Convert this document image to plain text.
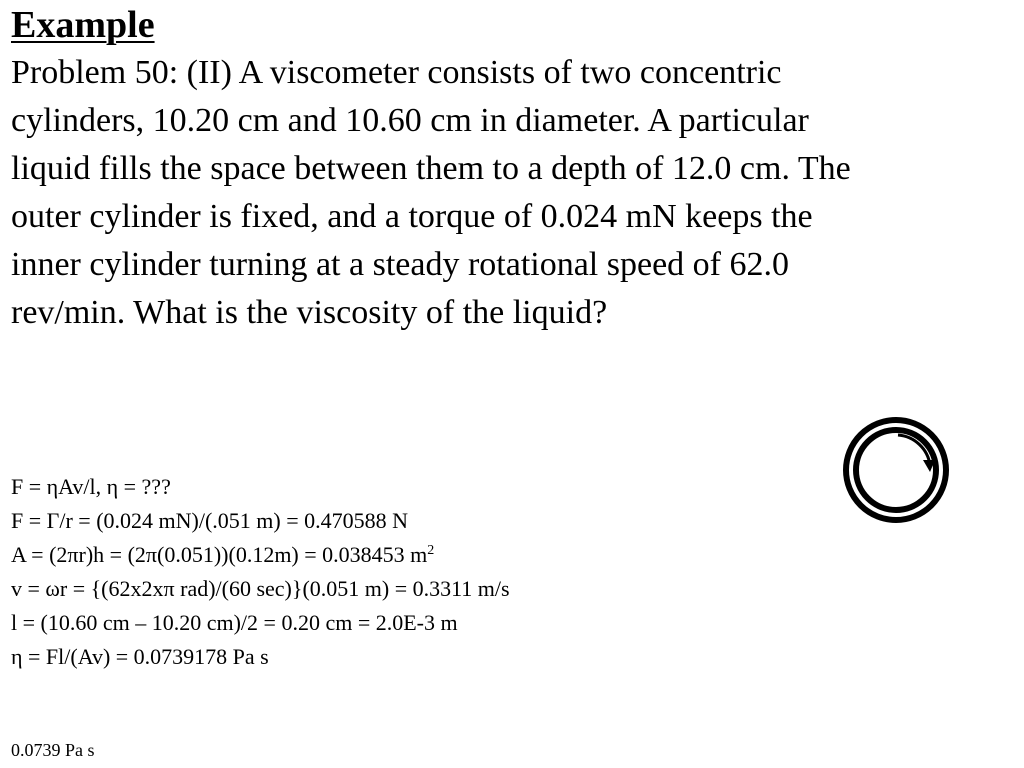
Example
Problem 50: (II) A viscometer consists of two concentric
cylinders, 10.20 cm and 10.60 cm in diameter. A particular
liquid fills the space between them to a depth of 12.0 cm. The
outer cylinder is fixed, and a torque of 0.024 mN keeps the
inner cylinder turning at a steady rotational speed of 62.0
rev/min. What is the viscosity of the liquid?
F = ηAv/l, η = ???
F = Γ/r = (0.024 mN)/(.051 m) = 0.470588 N
A = (2πr)h = (2π(0.051))(0.12m) = 0.038453 $m^2$
v = ωr = {(62x2xπ rad)/(60 sec)}(0.051 m) = 0.3311 m/s
l = (10.60 cm – 10.20 cm)/2 = 0.20 cm = 2.0E-3 m
η = Fl/(Av) = 0.0739178 Pa s
0.0739 Pa s
